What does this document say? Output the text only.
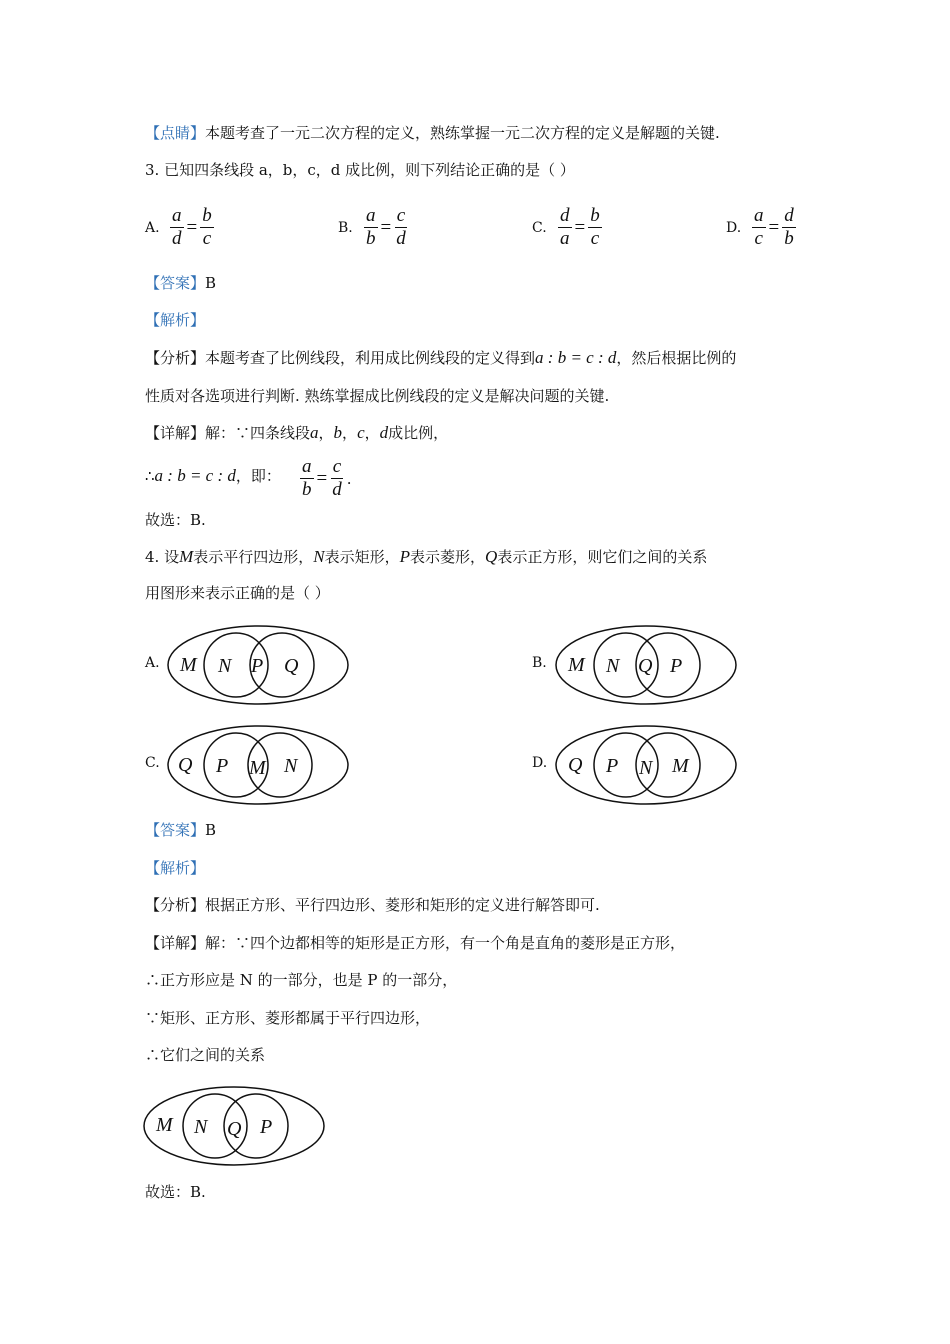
【点睛】本题考查了一元二次方程的定义，熟练掌握一元二次方程的定义是解题的关键.
3. 已知四条线段 a，b，c，d 成比例，则下列结论正确的是（ ）
A. $\frac{a}{d} = \frac{b}{c}$	B. $\frac{a}{b} = \frac{c}{d}$	C. $\frac{d}{a} = \frac{b}{c}$	D. $\frac{a}{c} = \frac{d}{b}$
【答案】B
【解析】
【分析】本题考查了比例线段，利用成比例线段的定义得到a : b = c : d，然后根据比例的
性质对各选项进行判断. 熟练掌握成比例线段的定义是解决问题的关键.
【详解】解：∵四条线段a，b，c，d成比例，
∴a : b = c : d，即： $\frac{a}{b} = \frac{c}{d}$ .
故选：B.
4. 设M表示平行四边形，N表示矩形，P表示菱形，Q表示正方形，则它们之间的关系
用图形来表示正确的是（ ）
A. M N P Q	B. M N Q P
C. Q P M N	D. Q P N M
【答案】B
【解析】
【分析】根据正方形、平行四边形、菱形和矩形的定义进行解答即可.
【详解】解：∵四个边都相等的矩形是正方形，有一个角是直角的菱形是正方形，
∴正方形应是 N 的一部分，也是 P 的一部分，
∵矩形、正方形、菱形都属于平行四边形，
∴它们之间的关系
M N Q P
故选：B.
